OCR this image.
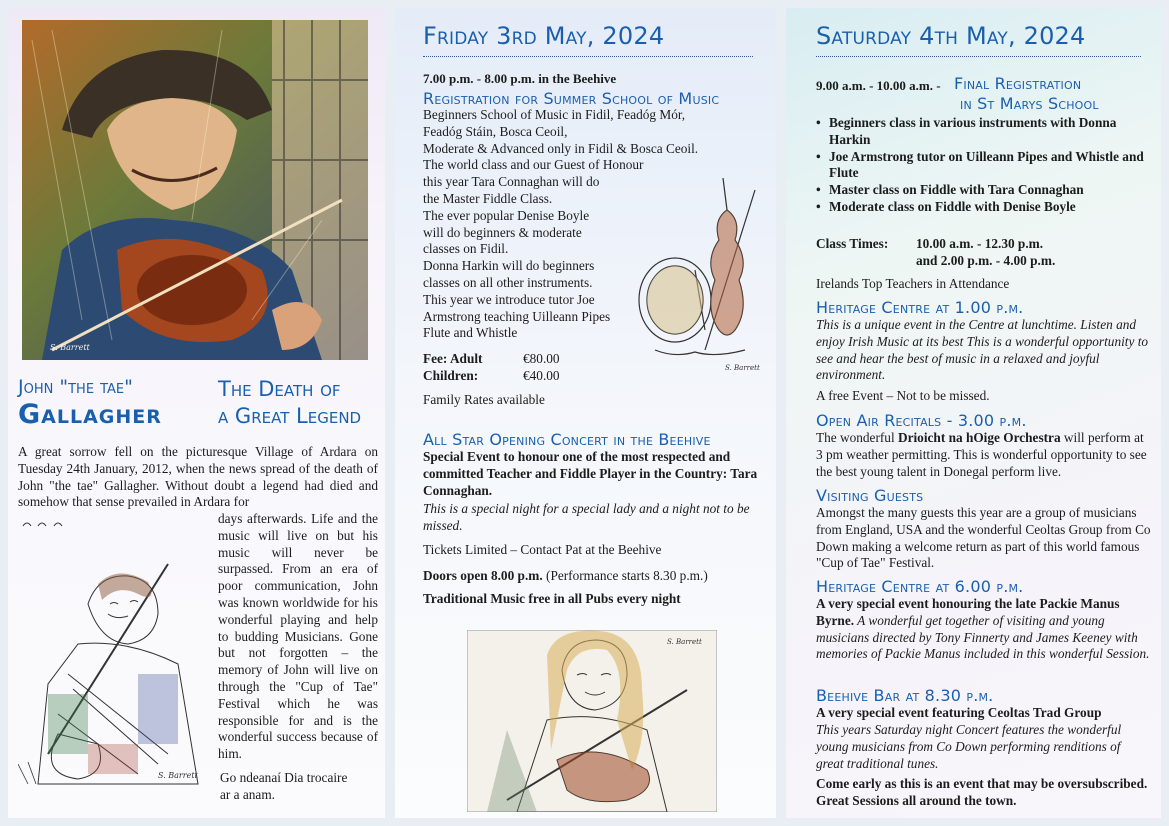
S. Barrett
John "the tae"
Gallagher
The Death of
a Great Legend

A great sorrow fell on the picturesque Village of Ardara on Tuesday 24th January, 2012, when the news spread of the death of John "the tae" Gallagher. Without doubt a legend had died and somehow that sense prevailed in Ardara for

S. Barrett

days afterwards. Life and the music will live on but his music will never be surpassed. From an era of poor communication, John was known worldwide for his wonderful playing and help to budding Musicians. Gone but not forgotten – the memory of John will live on through the "Cup of Tae" Festival which he was responsible for and is the wonderful success because of him.

Go ndeanaí Dia trocaire
ar a anam.
Friday 3rd May, 2024
7.00 p.m. - 8.00 p.m. in the Beehive
Registration for Summer School of Music
Beginners School of Music in Fidil, Feadóg Mór,
Feadóg Stáin, Bosca Ceoil,
Moderate & Advanced only in Fidil & Bosca Ceoil.
The world class and our Guest of Honour
this year Tara Connaghan will do
the Master Fiddle Class.
The ever popular Denise Boyle
will do beginners & moderate
classes on Fidil.
Donna Harkin will do beginners
classes on all other instruments.
This year we introduce tutor Joe
Armstrong teaching Uilleann Pipes
Flute and Whistle
S. Barrett
Fee: Adult	€80.00
Children:	€40.00
Family Rates available
All Star Opening Concert in the Beehive
Special Event to honour one of the most respected and committed Teacher and Fiddle Player in the Country: Tara Connaghan.
This is a special night for a special lady and a night not to be missed.
Tickets Limited – Contact Pat at the Beehive
Doors open 8.00 p.m. (Performance starts 8.30 p.m.)
Traditional Music free in all Pubs every night
S. Barrett
Saturday 4th May, 2024
9.00 a.m. - 10.00 a.m. - Final Registration
in St Marys School
• Beginners class in various instruments with Donna Harkin
• Joe Armstrong tutor on Uilleann Pipes and Whistle and Flute
• Master class on Fiddle with Tara Connaghan
• Moderate class on Fiddle with Denise Boyle
Class Times:	10.00 a.m. - 12.30 p.m.
and 2.00 p.m. - 4.00 p.m.
Irelands Top Teachers in Attendance
Heritage Centre at 1.00 p.m.
This is a unique event in the Centre at lunchtime. Listen and enjoy Irish Music at its best This is a wonderful opportunity to see and hear the best of music in a relaxed and joyful environment.
A free Event – Not to be missed.
Open Air Recitals - 3.00 p.m.
The wonderful Drioicht na hOige Orchestra will perform at 3 pm weather permitting. This is wonderful opportunity to see the best young talent in Donegal perform live.
Visiting Guests
Amongst the many guests this year are a group of musicians from England, USA and the wonderful Ceoltas Group from Co Down making a welcome return as part of this world famous "Cup of Tae" Festival.
Heritage Centre at 6.00 p.m.
A very special event honouring the late Packie Manus Byrne. A wonderful get together of visiting and young musicians directed by Tony Finnerty and James Keeney with memories of Packie Manus included in this wonderful Session.
Beehive Bar at 8.30 p.m.
A very special event featuring Ceoltas Trad Group
This years Saturday night Concert features the wonderful young musicians from Co Down performing renditions of great traditional tunes.
Come early as this is an event that may be oversubscribed. Great Sessions all around the town.
